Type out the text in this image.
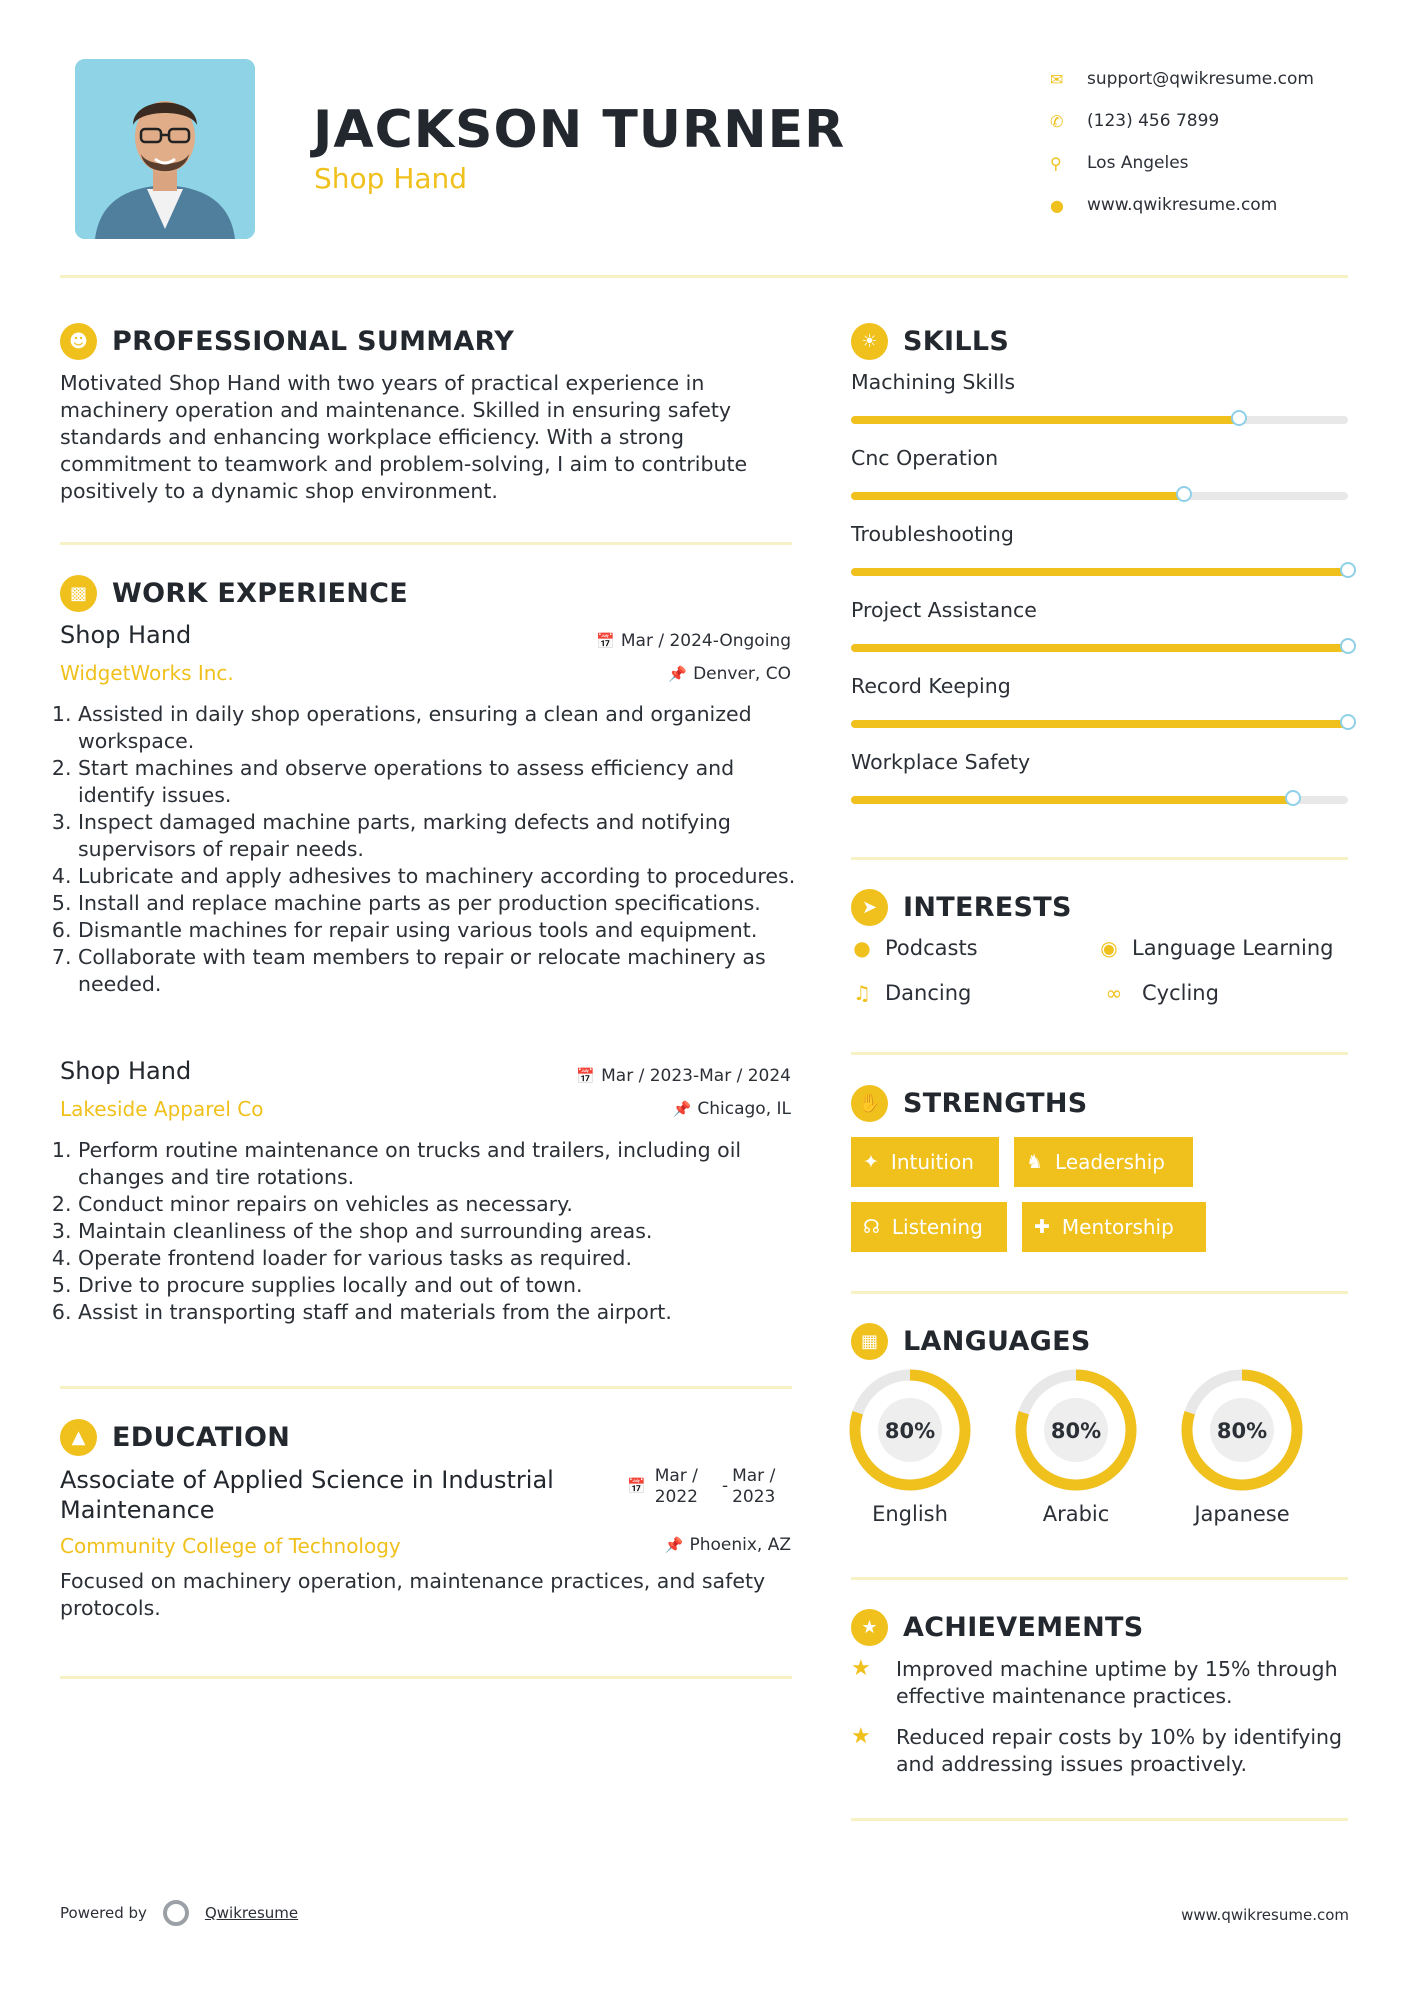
JACKSON TURNER
Shop Hand
✉	support@qwikresume.com
✆	(123) 456 7899
⚲	Los Angeles
●	www.qwikresume.com
☻ PROFESSIONAL SUMMARY
Motivated Shop Hand with two years of practical experience in machinery operation and maintenance. Skilled in ensuring safety standards and enhancing workplace efficiency. With a strong commitment to teamwork and problem-solving, I aim to contribute positively to a dynamic shop environment.
▩ WORK EXPERIENCE
Shop Hand	📅 Mar / 2024-Ongoing
WidgetWorks Inc.	📌 Denver, CO
1. Assisted in daily shop operations, ensuring a clean and organized workspace.
2. Start machines and observe operations to assess efficiency and identify issues.
3. Inspect damaged machine parts, marking defects and notifying supervisors of repair needs.
4. Lubricate and apply adhesives to machinery according to procedures.
5. Install and replace machine parts as per production specifications.
6. Dismantle machines for repair using various tools and equipment.
7. Collaborate with team members to repair or relocate machinery as needed.
Shop Hand	📅 Mar / 2023-Mar / 2024
Lakeside Apparel Co	📌 Chicago, IL
1. Perform routine maintenance on trucks and trailers, including oil changes and tire rotations.
2. Conduct minor repairs on vehicles as necessary.
3. Maintain cleanliness of the shop and surrounding areas.
4. Operate frontend loader for various tasks as required.
5. Drive to procure supplies locally and out of town.
6. Assist in transporting staff and materials from the airport.
▲ EDUCATION
Associate of Applied Science in Industrial Maintenance
📅 Mar /
2022
- Mar /
2023
Community College of Technology	📌 Phoenix, AZ
Focused on machinery operation, maintenance practices, and safety protocols.
☀ SKILLS
Machining Skills
Cnc Operation
Troubleshooting
Project Assistance
Record Keeping
Workplace Safety
➤ INTERESTS
● Podcasts	◉ Language Learning
♫ Dancing	∞ Cycling
✋ STRENGTHS
✦ Intuition	♞ Leadership
☊ Listening	✚ Mentorship
▦ LANGUAGES
80%
English
80%
Arabic
80%
Japanese
★ ACHIEVEMENTS
★	Improved machine uptime by 15% through effective maintenance practices.
★	Reduced repair costs by 10% by identifying and addressing issues proactively.
Powered by	Qwikresume	www.qwikresume.com
